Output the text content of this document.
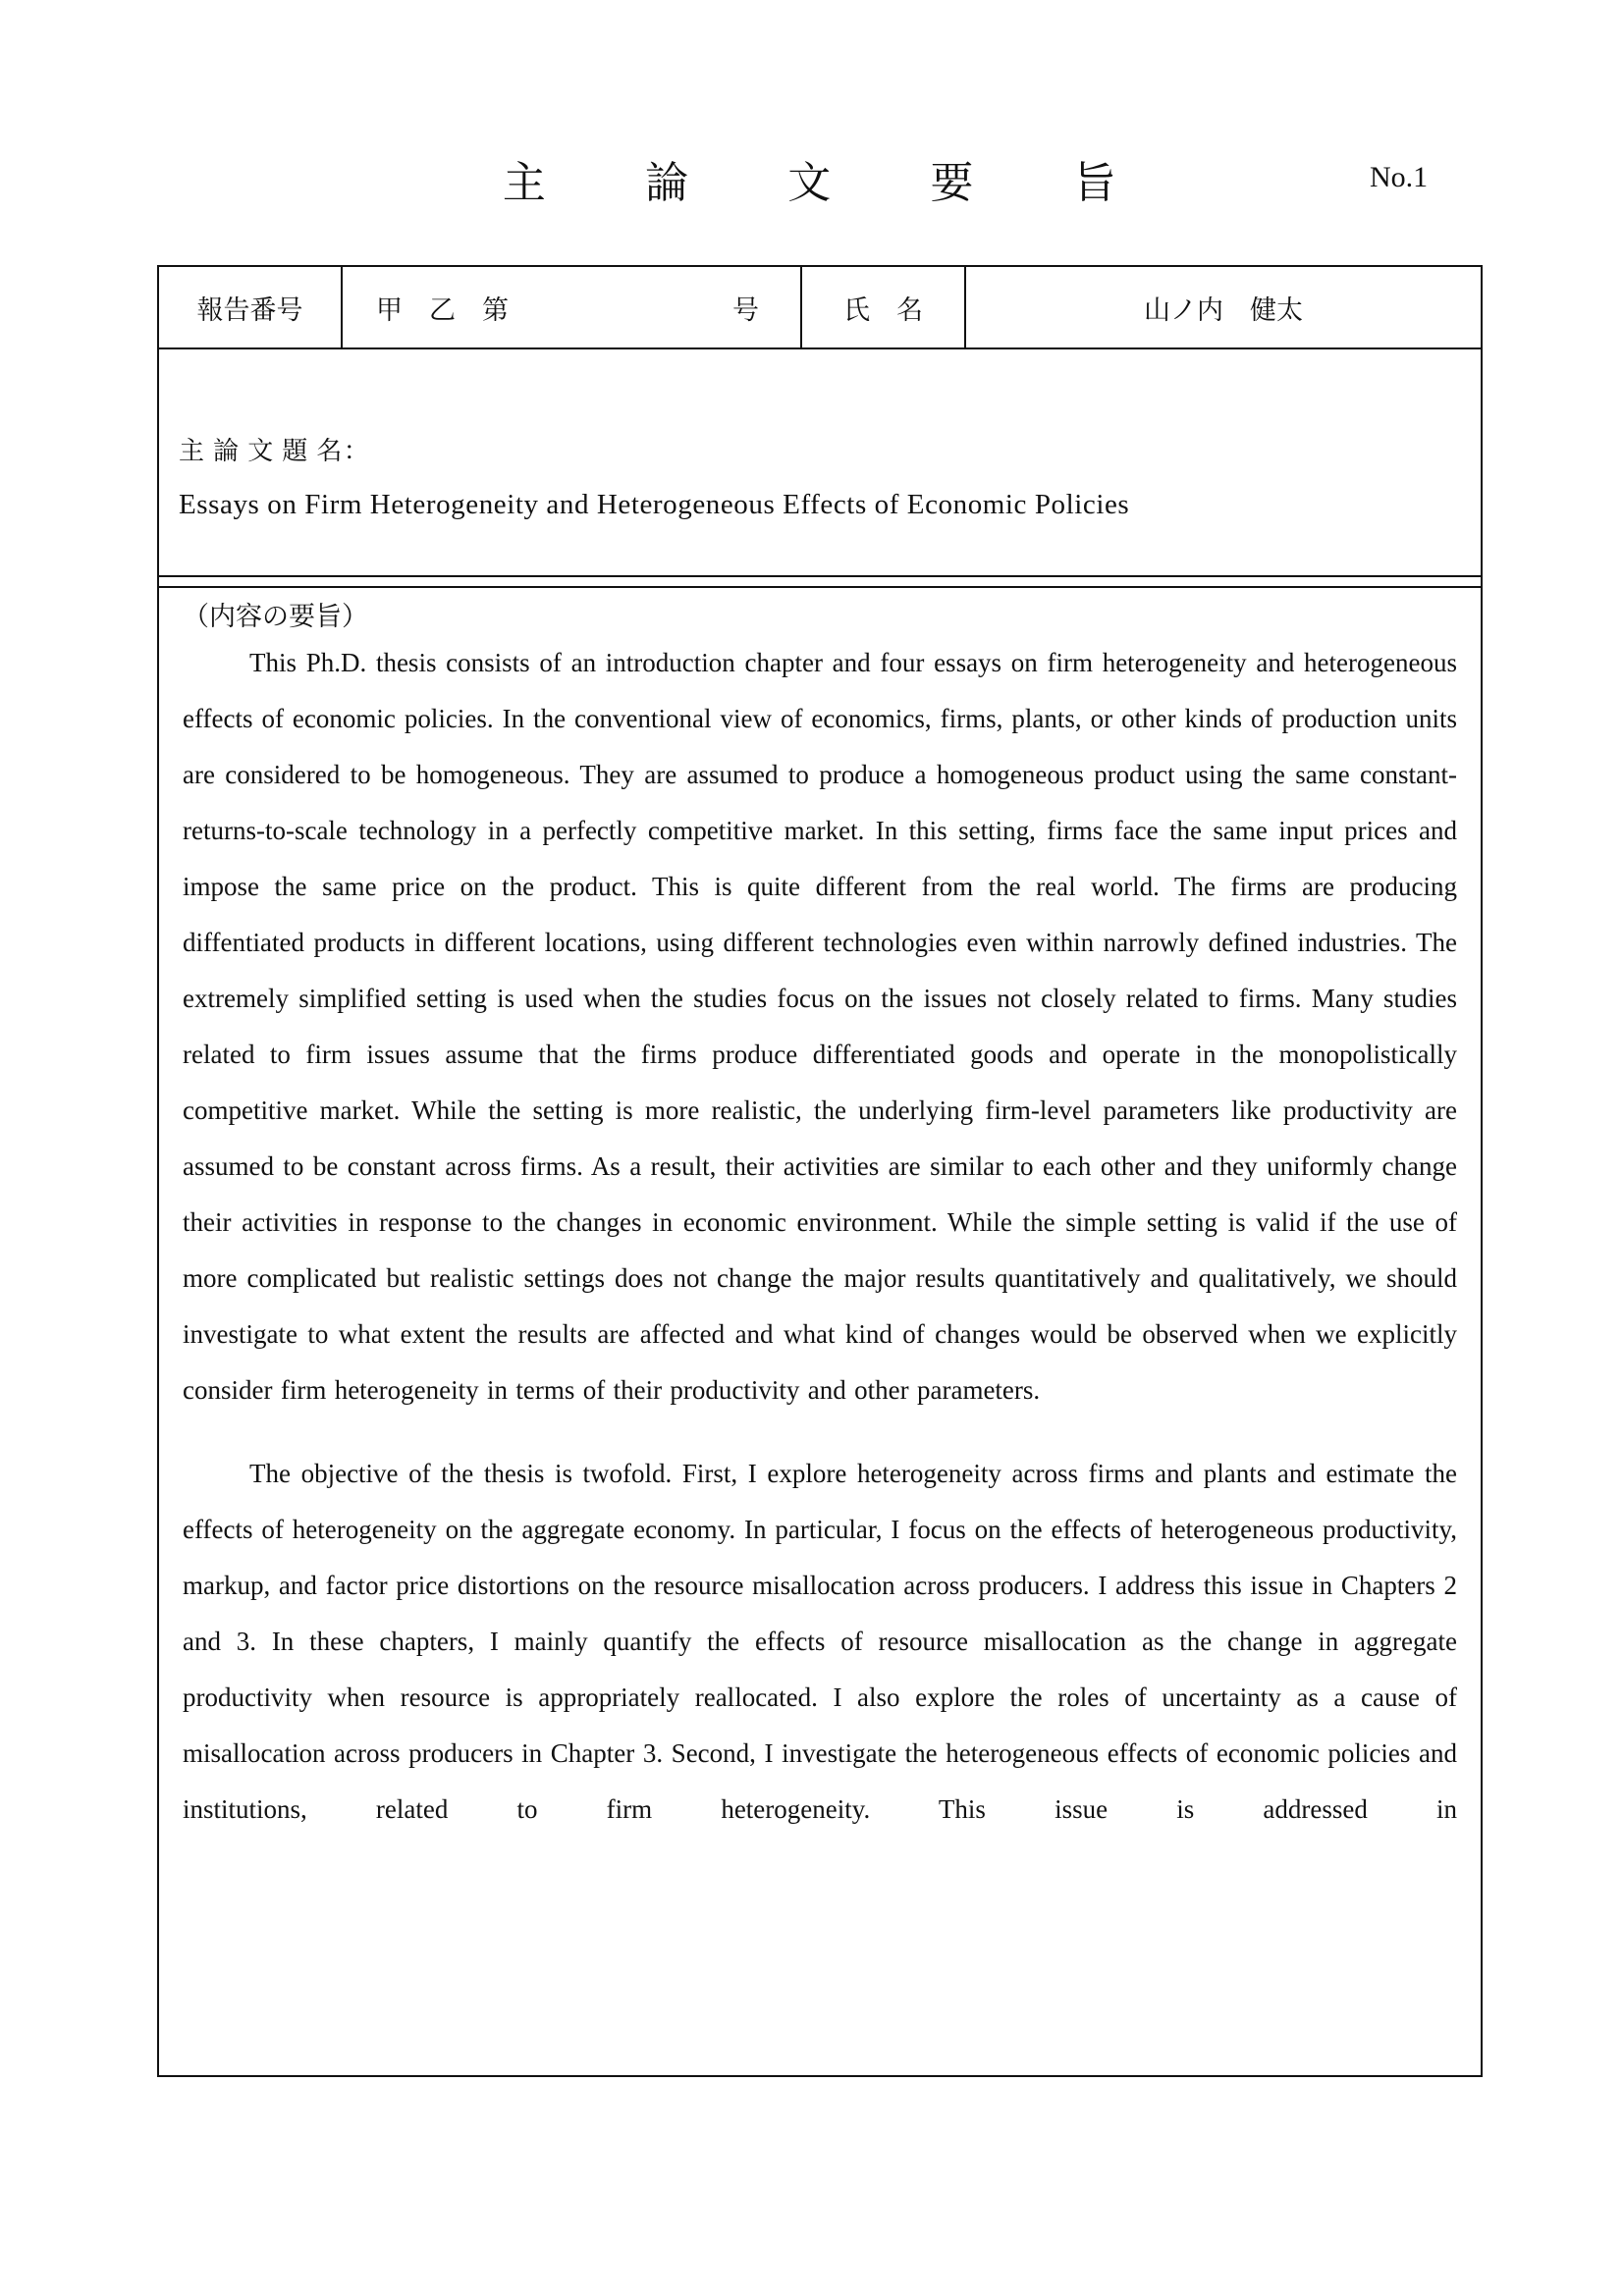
主　　論　　文　　要　　旨	No.1
報告番号	甲　乙　第	号	氏　名	山ノ内　健太

主 論 文 題 名：
Essays on Firm Heterogeneity and Heterogeneous Effects of Economic Policies
（内容の要旨）

This Ph.D. thesis consists of an introduction chapter and four essays on firm heterogeneity and heterogeneous effects of economic policies. In the conventional view of economics, firms, plants, or other kinds of production units are considered to be homogeneous. They are assumed to produce a homogeneous product using the same constant-returns-to-scale technology in a perfectly competitive market. In this setting, firms face the same input prices and impose the same price on the product. This is quite different from the real world. The firms are producing diffentiated products in different locations, using different technologies even within narrowly defined industries. The extremely simplified setting is used when the studies focus on the issues not closely related to firms. Many studies related to firm issues assume that the firms produce differentiated goods and operate in the monopolistically competitive market. While the setting is more realistic, the underlying firm-level parameters like productivity are assumed to be constant across firms. As a result, their activities are similar to each other and they uniformly change their activities in response to the changes in economic environment. While the simple setting is valid if the use of more complicated but realistic settings does not change the major results quantitatively and qualitatively, we should investigate to what extent the results are affected and what kind of changes would be observed when we explicitly consider firm heterogeneity in terms of their productivity and other parameters.

The objective of the thesis is twofold. First, I explore heterogeneity across firms and plants and estimate the effects of heterogeneity on the aggregate economy. In particular, I focus on the effects of heterogeneous productivity, markup, and factor price distortions on the resource misallocation across producers. I address this issue in Chapters 2 and 3. In these chapters, I mainly quantify the effects of resource misallocation as the change in aggregate productivity when resource is appropriately reallocated. I also explore the roles of uncertainty as a cause of misallocation across producers in Chapter 3. Second, I investigate the heterogeneous effects of economic policies and institutions, related to firm heterogeneity. This issue is addressed in
